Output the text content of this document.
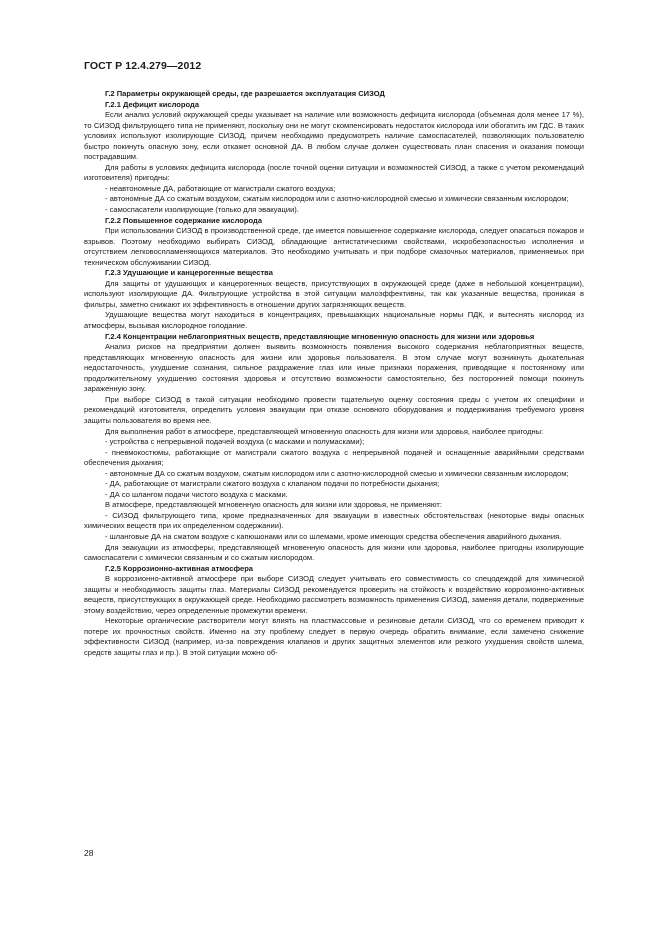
ГОСТ Р 12.4.279—2012

Г.2 Параметры окружающей среды, где разрешается эксплуатация СИЗОД

Г.2.1 Дефицит кислорода

Если анализ условий окружающей среды указывает на наличие или возможность дефицита кислорода (объемная доля менее 17 %), то СИЗОД фильтрующего типа не применяют, поскольку они не могут скомпенсировать недостаток кислорода или обогатить им ГДС. В таких условиях используют изолирующие СИЗОД, причем необходимо предусмотреть наличие самоспасателей, позволяющих пользователю быстро покинуть опасную зону, если откажет основной ДА. В любом случае должен существовать план спасения и оказания помощи пострадавшим.

Для работы в условиях дефицита кислорода (после точной оценки ситуации и возможностей СИЗОД, а также с учетом рекомендаций изготовителя) пригодны:

- неавтономные ДА, работающие от магистрали сжатого воздуха;

- автономные ДА со сжатым воздухом, сжатым кислородом или с азотно-кислородной смесью и химически связанным кислородом;

- самоспасатели изолирующие (только для эвакуации).

Г.2.2 Повышенное содержание кислорода

При использовании СИЗОД в производственной среде, где имеется повышенное содержание кислорода, следует опасаться пожаров и взрывов. Поэтому необходимо выбирать СИЗОД, обладающие антистатическими свойствами, искробезопасностью исполнения и отсутствием легковоспламеняющихся материалов. Это необходимо учитывать и при подборе смазочных материалов, применяемых при техническом обслуживании СИЗОД.

Г.2.3 Удушающие и канцерогенные вещества

Для защиты от удушающих и канцерогенных веществ, присутствующих в окружающей среде (даже в небольшой концентрации), используют изолирующие ДА. Фильтрующие устройства в этой ситуации малоэффективны, так как указанные вещества, проникая в фильтры, заметно снижают их эффективность в отношении других загрязняющих веществ.

Удушающие вещества могут находиться в концентрациях, превышающих национальные нормы ПДК, и вытеснять кислород из атмосферы, вызывая кислородное голодание.

Г.2.4 Концентрации неблагоприятных веществ, представляющие мгновенную опасность для жизни или здоровья

Анализ рисков на предприятии должен выявить возможность появления высокого содержания неблагоприятных веществ, представляющих мгновенную опасность для жизни или здоровья пользователя. В этом случае могут возникнуть дыхательная недостаточность, ухудшение сознания, сильное раздражение глаз или иные признаки поражения, приводящие к постоянному или продолжительному ухудшению состояния здоровья и отсутствию возможности самостоятельно, без посторонней помощи покинуть зараженную зону.

При выборе СИЗОД в такой ситуации необходимо провести тщательную оценку состояния среды с учетом их специфики и рекомендаций изготовителя, определить условия эвакуации при отказе основного оборудования и поддерживания требуемого уровня защиты пользователя во время нее.

Для выполнения работ в атмосфере, представляющей мгновенную опасность для жизни или здоровья, наиболее пригодны:

- устройства с непрерывной подачей воздуха (с масками и полумасками);

- пневмокостюмы, работающие от магистрали сжатого воздуха с непрерывной подачей и оснащенные аварийными средствами обеспечения дыхания;

- автономные ДА со сжатым воздухом, сжатым кислородом или с азотно-кислородной смесью и химически связанным кислородом;

- ДА, работающие от магистрали сжатого воздуха с клапаном подачи по потребности дыхания;

- ДА со шлангом подачи чистого воздуха с масками.

В атмосфере, представляющей мгновенную опасность для жизни или здоровья, не применяют:

- СИЗОД фильтрующего типа, кроме предназначенных для эвакуации в известных обстоятельствах (некоторые виды опасных химических веществ при их определенном содержании).

- шланговые ДА на сжатом воздухе с капюшонами или со шлемами, кроме имеющих средства обеспечения аварийного дыхания.

Для эвакуации из атмосферы, представляющей мгновенную опасность для жизни или здоровья, наиболее пригодны изолирующие самоспасатели с химически связанным и со сжатым кислородом.

Г.2.5 Коррозионно-активная атмосфера

В коррозионно-активной атмосфере при выборе СИЗОД следует учитывать его совместимость со спецодеждой для химической защиты и необходимость защиты глаз. Материалы СИЗОД рекомендуется проверить на стойкость к воздействию коррозионно-активных веществ, присутствующих в окружающей среде. Необходимо рассмотреть возможность применения СИЗОД, заменяя детали, подверженные этому воздействию, через определенные промежутки времени.

Некоторые органические растворители могут влиять на пластмассовые и резиновые детали СИЗОД, что со временем приводит к потере их прочностных свойств. Именно на эту проблему следует в первую очередь обратить внимание, если замечено снижение эффективности СИЗОД (например, из-за повреждения клапанов и других защитных элементов или резкого ухудшения свойств шлема, средств защиты глаз и пр.). В этой ситуации можно об-

28
